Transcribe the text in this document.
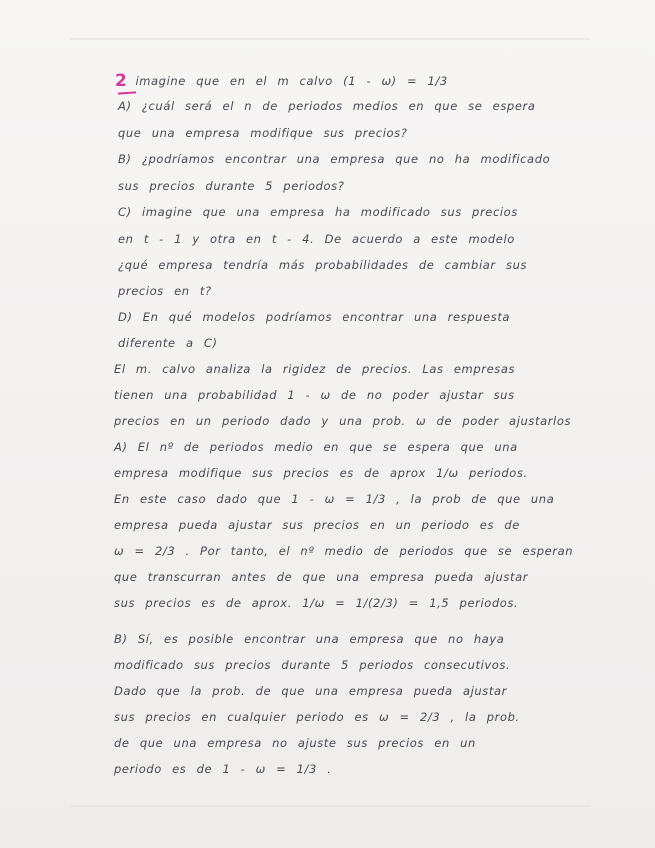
2 imagine que en el m calvo (1 - ω) = 1/3
A) ¿cuál será el n de periodos medios en que se espera
que una empresa modifique sus precios?
B) ¿podríamos encontrar una empresa que no ha modificado
sus precios durante 5 periodos?
C) imagine que una empresa ha modificado sus precios
en t - 1 y otra en t - 4. De acuerdo a este modelo
¿qué empresa tendría más probabilidades de cambiar sus
precios en t?
D) En qué modelos podríamos encontrar una respuesta
diferente a C)
El m. calvo analiza la rigidez de precios. Las empresas
tienen una probabilidad 1 - ω de no poder ajustar sus
precios en un periodo dado y una prob. ω de poder ajustarlos
A) El nº de periodos medio en que se espera que una
empresa modifique sus precios es de aprox 1/ω periodos.
En este caso dado que 1 - ω = 1/3 , la prob de que una
empresa pueda ajustar sus precios en un periodo es de
ω = 2/3 . Por tanto, el nº medio de periodos que se esperan
que transcurran antes de que una empresa pueda ajustar
sus precios es de aprox. 1/ω = 1/(2/3) = 1,5 periodos.
B) Sí, es posible encontrar una empresa que no haya
modificado sus precios durante 5 periodos consecutivos.
Dado que la prob. de que una empresa pueda ajustar
sus precios en cualquier periodo es ω = 2/3 , la prob.
de que una empresa no ajuste sus precios en un
periodo es de 1 - ω = 1/3 .
